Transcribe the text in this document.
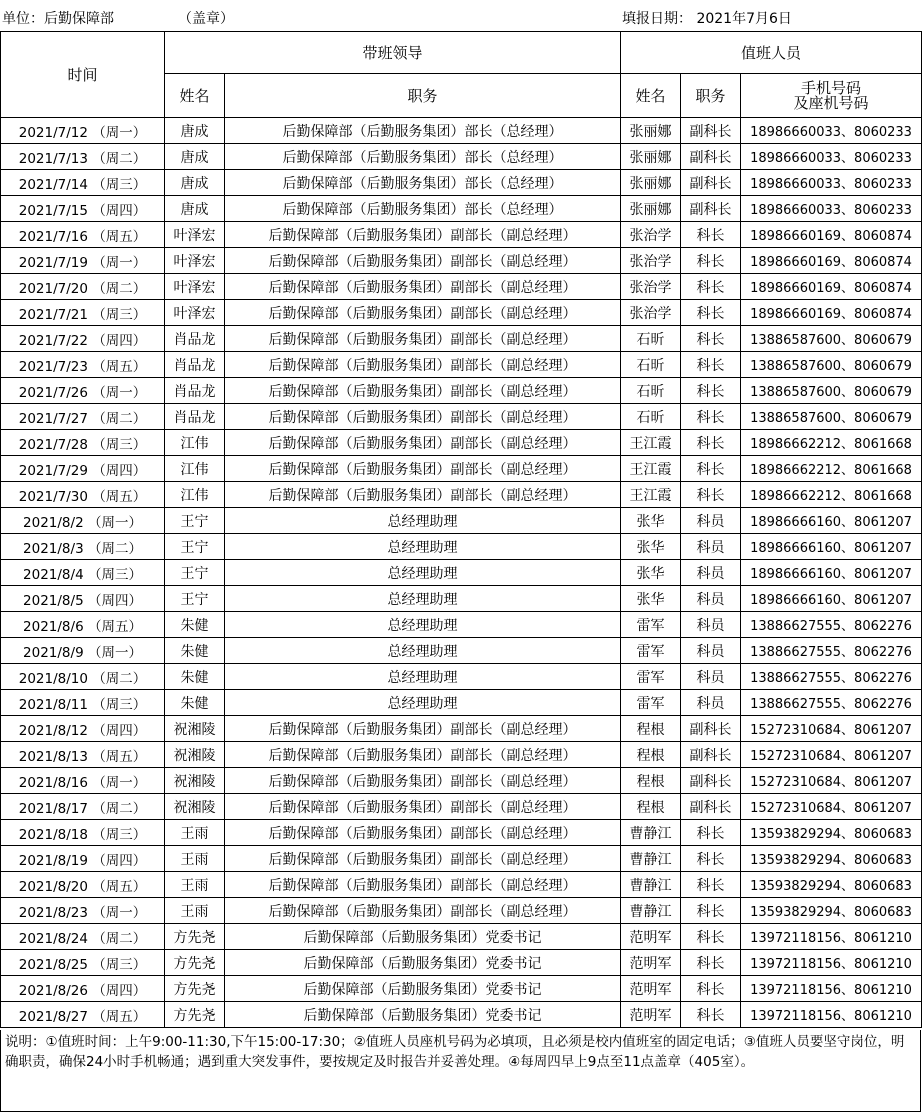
单位：后勤保障部	（盖章）	填报日期： 2021年7月6日
时间	带班领导		值班人员		
	姓名	职务	姓名	职务	手机号码
及座机号码

2021/7/12 （周一）	唐成	后勤保障部（后勤服务集团）部长（总经理）	张丽娜	副科长	18986660033、8060233
2021/7/13 （周二）	唐成	后勤保障部（后勤服务集团）部长（总经理）	张丽娜	副科长	18986660033、8060233
2021/7/14 （周三）	唐成	后勤保障部（后勤服务集团）部长（总经理）	张丽娜	副科长	18986660033、8060233
2021/7/15 （周四）	唐成	后勤保障部（后勤服务集团）部长（总经理）	张丽娜	副科长	18986660033、8060233
2021/7/16 （周五）	叶泽宏	后勤保障部（后勤服务集团）副部长（副总经理）	张治学	科长	18986660169、8060874
2021/7/19 （周一）	叶泽宏	后勤保障部（后勤服务集团）副部长（副总经理）	张治学	科长	18986660169、8060874
2021/7/20 （周二）	叶泽宏	后勤保障部（后勤服务集团）副部长（副总经理）	张治学	科长	18986660169、8060874
2021/7/21 （周三）	叶泽宏	后勤保障部（后勤服务集团）副部长（副总经理）	张治学	科长	18986660169、8060874
2021/7/22 （周四）	肖品龙	后勤保障部（后勤服务集团）副部长（副总经理）	石昕	科长	13886587600、8060679
2021/7/23 （周五）	肖品龙	后勤保障部（后勤服务集团）副部长（副总经理）	石昕	科长	13886587600、8060679
2021/7/26 （周一）	肖品龙	后勤保障部（后勤服务集团）副部长（副总经理）	石昕	科长	13886587600、8060679
2021/7/27 （周二）	肖品龙	后勤保障部（后勤服务集团）副部长（副总经理）	石昕	科长	13886587600、8060679
2021/7/28 （周三）	江伟	后勤保障部（后勤服务集团）副部长（副总经理）	王江霞	科长	18986662212、8061668
2021/7/29 （周四）	江伟	后勤保障部（后勤服务集团）副部长（副总经理）	王江霞	科长	18986662212、8061668
2021/7/30 （周五）	江伟	后勤保障部（后勤服务集团）副部长（副总经理）	王江霞	科长	18986662212、8061668
2021/8/2 （周一）	王宁	总经理助理	张华	科员	18986666160、8061207
2021/8/3 （周二）	王宁	总经理助理	张华	科员	18986666160、8061207
2021/8/4 （周三）	王宁	总经理助理	张华	科员	18986666160、8061207
2021/8/5 （周四）	王宁	总经理助理	张华	科员	18986666160、8061207
2021/8/6 （周五）	朱健	总经理助理	雷军	科员	13886627555、8062276
2021/8/9 （周一）	朱健	总经理助理	雷军	科员	13886627555、8062276
2021/8/10 （周二）	朱健	总经理助理	雷军	科员	13886627555、8062276
2021/8/11 （周三）	朱健	总经理助理	雷军	科员	13886627555、8062276
2021/8/12 （周四）	祝湘陵	后勤保障部（后勤服务集团）副部长（副总经理）	程根	副科长	15272310684、8061207
2021/8/13 （周五）	祝湘陵	后勤保障部（后勤服务集团）副部长（副总经理）	程根	副科长	15272310684、8061207
2021/8/16 （周一）	祝湘陵	后勤保障部（后勤服务集团）副部长（副总经理）	程根	副科长	15272310684、8061207
2021/8/17 （周二）	祝湘陵	后勤保障部（后勤服务集团）副部长（副总经理）	程根	副科长	15272310684、8061207
2021/8/18 （周三）	王雨	后勤保障部（后勤服务集团）副部长（副总经理）	曹静江	科长	13593829294、8060683
2021/8/19 （周四）	王雨	后勤保障部（后勤服务集团）副部长（副总经理）	曹静江	科长	13593829294、8060683
2021/8/20 （周五）	王雨	后勤保障部（后勤服务集团）副部长（副总经理）	曹静江	科长	13593829294、8060683
2021/8/23 （周一）	王雨	后勤保障部（后勤服务集团）副部长（副总经理）	曹静江	科长	13593829294、8060683
2021/8/24 （周二）	方先尧	后勤保障部（后勤服务集团）党委书记	范明军	科长	13972118156、8061210
2021/8/25 （周三）	方先尧	后勤保障部（后勤服务集团）党委书记	范明军	科长	13972118156、8061210
2021/8/26 （周四）	方先尧	后勤保障部（后勤服务集团）党委书记	范明军	科长	13972118156、8061210
2021/8/27 （周五）	方先尧	后勤保障部（后勤服务集团）党委书记	范明军	科长	13972118156、8061210
说明：①值班时间：上午9:00-11:30,下午15:00-17:30；②值班人员座机号码为必填项，且必须是校内值班室的固定电话；③值班人员要坚守岗位，明确职责，确保24小时手机畅通；遇到重大突发事件，要按规定及时报告并妥善处理。④每周四早上9点至11点盖章（405室）。
